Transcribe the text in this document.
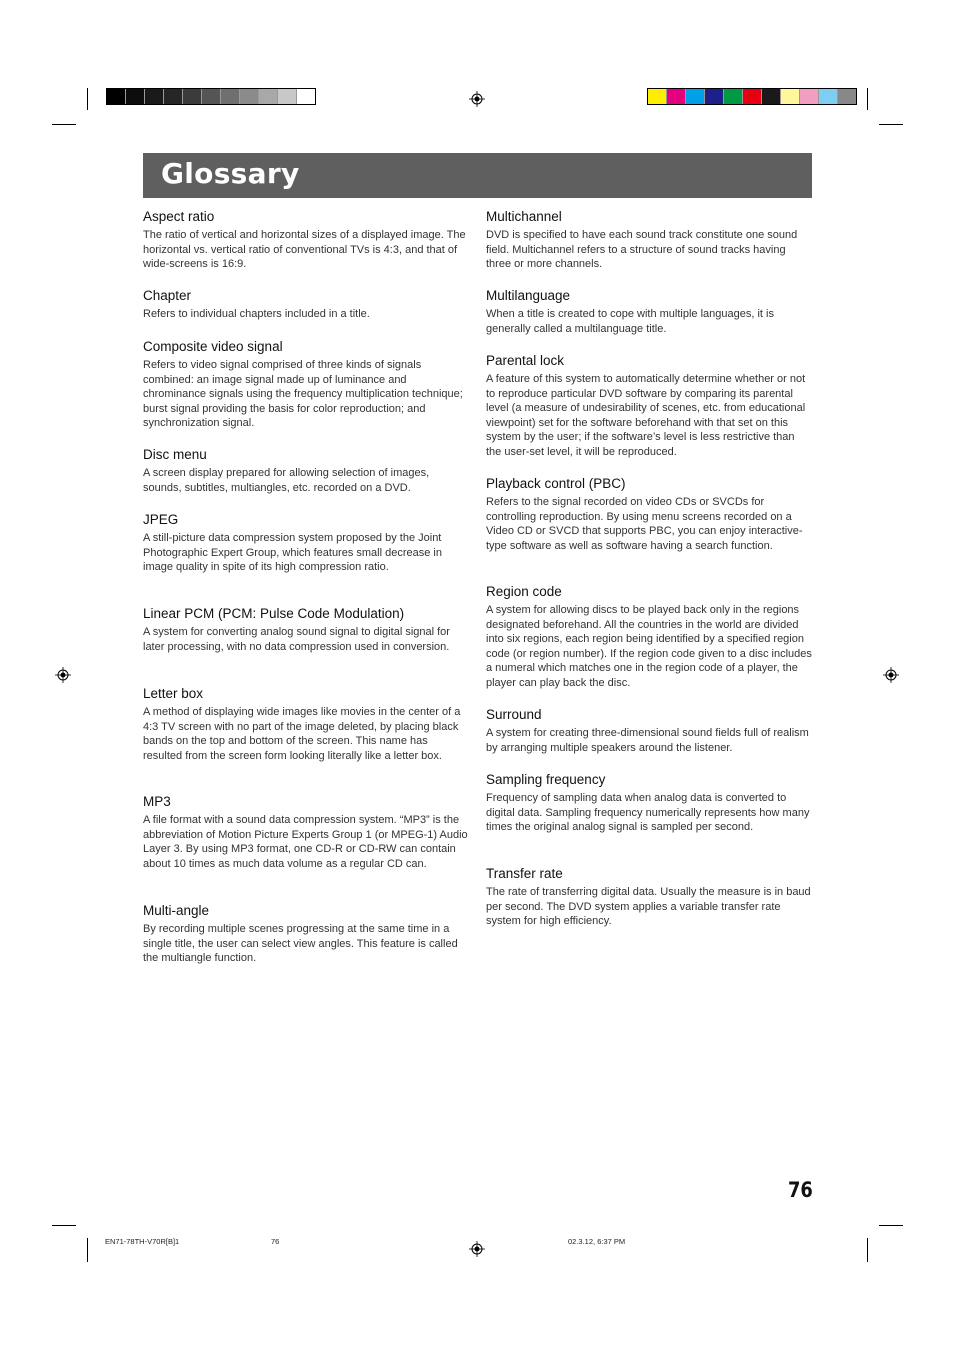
Glossary

Aspect ratio

The ratio of vertical and horizontal sizes of a displayed image. The horizontal vs. vertical ratio of conventional TVs is 4:3, and that of wide-screens is 16:9.

Chapter

Refers to individual chapters included in a title.

Composite video signal

Refers to video signal comprised of three kinds of signals combined: an image signal made up of luminance and chrominance signals using the frequency multiplication technique; burst signal providing the basis for color reproduction; and synchronization signal.

Disc menu

A screen display prepared for allowing selection of images, sounds, subtitles, multiangles, etc. recorded on a DVD.

JPEG

A still-picture data compression system proposed by the Joint Photographic Expert Group, which features small decrease in image quality in spite of its high compression ratio.

Linear PCM (PCM: Pulse Code Modulation)

A system for converting analog sound signal to digital signal for later processing, with no data compression used in conversion.

Letter box

A method of displaying wide images like movies in the center of a 4:3 TV screen with no part of the image deleted, by placing black bands on the top and bottom of the screen. This name has resulted from the screen form looking literally like a letter box.

MP3

A file format with a sound data compression system. “MP3” is the abbreviation of Motion Picture Experts Group 1 (or MPEG-1) Audio Layer 3. By using MP3 format, one CD-R or CD-RW can contain about 10 times as much data volume as a regular CD can.

Multi-angle

By recording multiple scenes progressing at the same time in a single title, the user can select view angles. This feature is called the multiangle function.

Multichannel

DVD is specified to have each sound track constitute one sound field. Multichannel refers to a structure of sound tracks having three or more channels.

Multilanguage

When a title is created to cope with multiple languages, it is generally called a multilanguage title.

Parental lock

A feature of this system to automatically determine whether or not to reproduce particular DVD software by comparing its parental level (a measure of undesirability of scenes, etc. from educational viewpoint) set for the software beforehand with that set on this system by the user; if the software’s level is less restrictive than the user-set level, it will be reproduced.

Playback control (PBC)

Refers to the signal recorded on video CDs or SVCDs for controlling reproduction. By using menu screens recorded on a Video CD or SVCD that supports PBC, you can enjoy interactive-type software as well as software having a search function.

Region code

A system for allowing discs to be played back only in the regions designated beforehand. All the countries in the world are divided into six regions, each region being identified by a specified region code (or region number). If the region code given to a disc includes a numeral which matches one in the region code of a player, the player can play back the disc.

Surround

A system for creating three-dimensional sound fields full of realism by arranging multiple speakers around the listener.

Sampling frequency

Frequency of sampling data when analog data is converted to digital data. Sampling frequency numerically represents how many times the original analog signal is sampled per second.

Transfer rate

The rate of transferring digital data. Usually the measure is in baud per second. The DVD system applies a variable transfer rate system for high efficiency.

76
EN71-78TH-V70R[B]1	76	02.3.12, 6:37 PM
